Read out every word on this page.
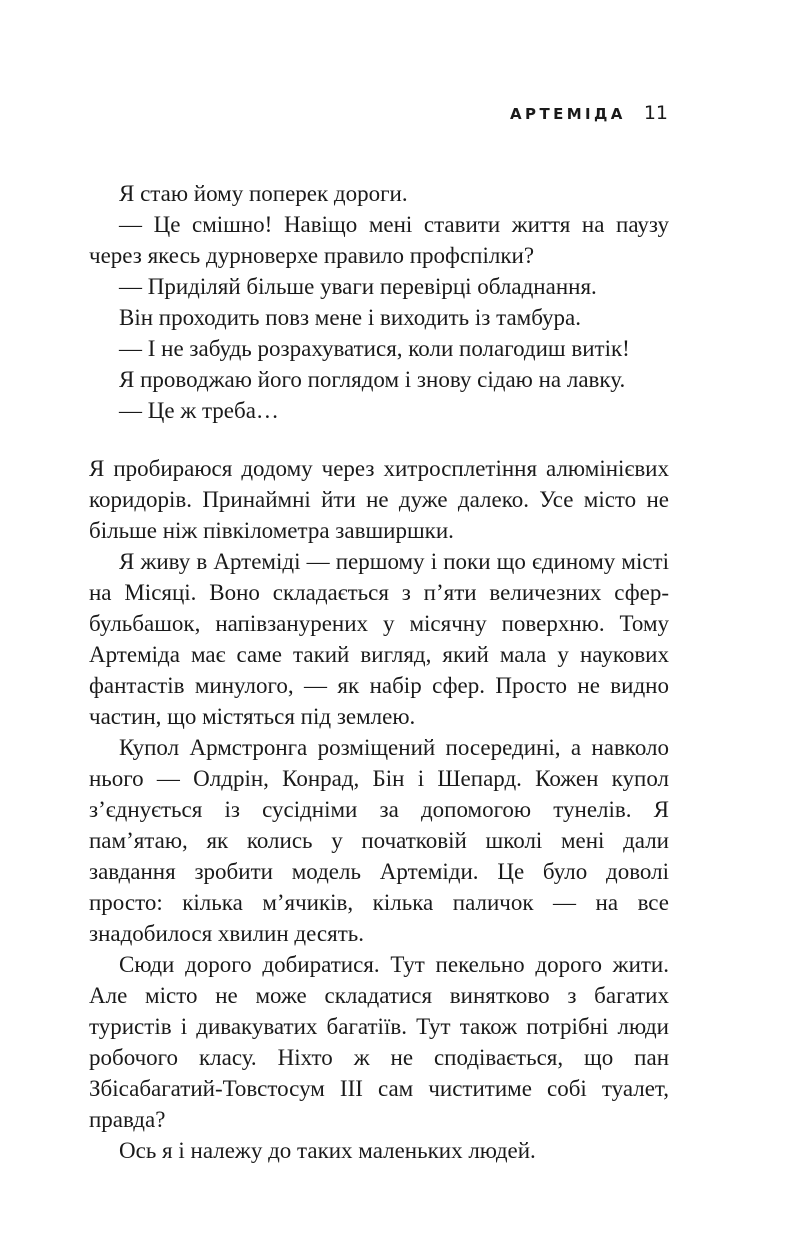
АРТЕМІДА 11

Я стаю йому поперек дороги.

— Це смішно! Навіщо мені ставити життя на паузу через якесь дурноверхе правило профспілки?

— Приділяй більше уваги перевірці обладнання.

Він проходить повз мене і виходить із тамбура.

— І не забудь розрахуватися, коли полагодиш витік!

Я проводжаю його поглядом і знову сідаю на лавку.

— Це ж треба…

Я пробираюся додому через хитросплетіння алюмінієвих коридорів. Принаймні йти не дуже далеко. Усе місто не більше ніж півкілометра завширшки.

Я живу в Артеміді — першому і поки що єдиному місті на Місяці. Воно складається з п’яти величезних сфер-бульбашок, напівзанурених у місячну поверхню. Тому Артеміда має саме такий вигляд, який мала у наукових фантастів минулого, — як набір сфер. Просто не видно частин, що містяться під землею.

Купол Армстронга розміщений посередині, а навколо нього — Олдрін, Конрад, Бін і Шепард. Кожен купол з’єднується із сусідніми за допомогою тунелів. Я пам’ятаю, як колись у початковій школі мені дали завдання зробити модель Артеміди. Це було доволі просто: кілька м’ячиків, кілька паличок — на все знадобилося хвилин десять.

Сюди дорого добиратися. Тут пекельно дорого жити. Але місто не може складатися винятково з багатих туристів і дивакуватих багатіїв. Тут також потрібні люди робочого класу. Ніхто ж не сподівається, що пан Збісабагатий-Товстосум III сам чиститиме собі туалет, правда?

Ось я і належу до таких маленьких людей.
